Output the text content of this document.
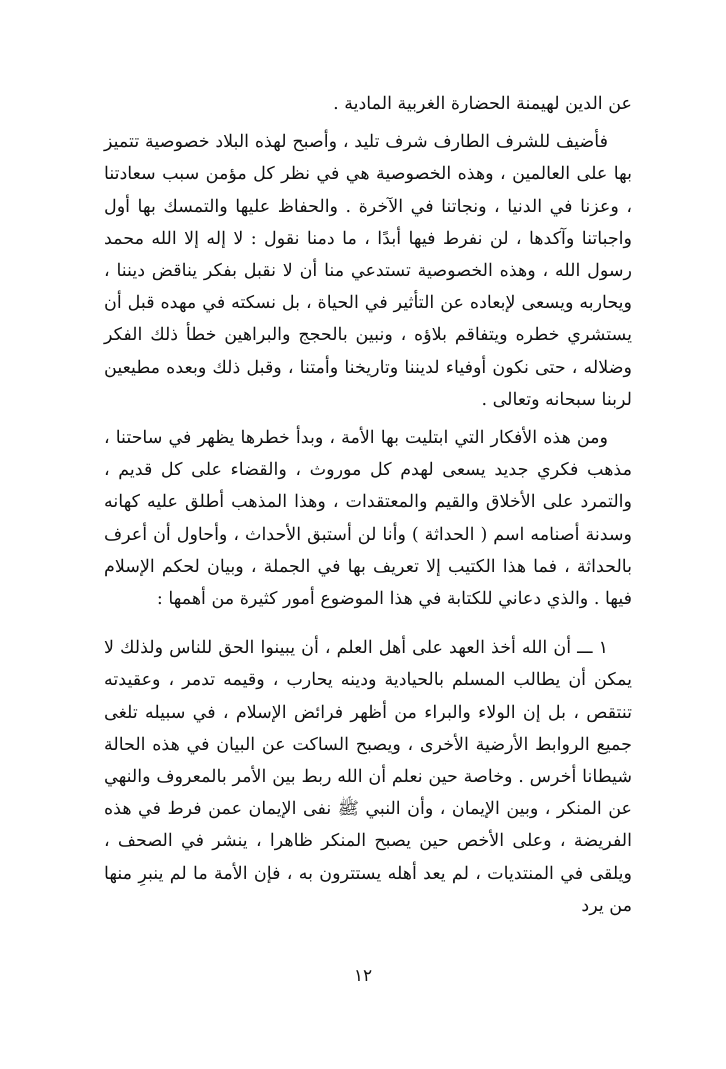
عن الدين لهيمنة الحضارة الغربية المادية .

فأضيف للشرف الطارف شرف تليد ، وأصبح لهذه البلاد خصوصية تتميز بها على العالمين ، وهذه الخصوصية هي في نظر كل مؤمن سبب سعادتنا ، وعزنا في الدنيا ، ونجاتنا في الآخرة . والحفاظ عليها والتمسك بها أول واجباتنا وآكدها ، لن نفرط فيها أبدًا ، ما دمنا نقول : لا إله إلا الله محمد رسول الله ، وهذه الخصوصية تستدعي منا أن لا نقبل بفكر يناقض ديننا ، ويحاربه ويسعى لإبعاده عن التأثير في الحياة ، بل نسكته في مهده قبل أن يستشري خطره ويتفاقم بلاؤه ، ونبين بالحجج والبراهين خطأ ذلك الفكر وضلاله ، حتى نكون أوفياء لديننا وتاريخنا وأمتنا ، وقبل ذلك وبعده مطيعين لربنا سبحانه وتعالى .

ومن هذه الأفكار التي ابتليت بها الأمة ، وبدأ خطرها يظهر في ساحتنا ، مذهب فكري جديد يسعى لهدم كل موروث ، والقضاء على كل قديم ، والتمرد على الأخلاق والقيم والمعتقدات ، وهذا المذهب أطلق عليه كهانه وسدنة أصنامه اسم ( الحداثة ) وأنا لن أستبق الأحداث ، وأحاول أن أعرف بالحداثة ، فما هذا الكتيب إلا تعريف بها في الجملة ، وبيان لحكم الإسلام فيها . والذي دعاني للكتابة في هذا الموضوع أمور كثيرة من أهمها :

١ ـــ أن الله أخذ العهد على أهل العلم ، أن يبينوا الحق للناس ولذلك لا يمكن أن يطالب المسلم بالحيادية ودينه يحارب ، وقيمه تدمر ، وعقيدته تنتقص ، بل إن الولاء والبراء من أظهر فرائض الإسلام ، في سبيله تلغى جميع الروابط الأرضية الأخرى ، ويصبح الساكت عن البيان في هذه الحالة شيطانا أخرس . وخاصة حين نعلم أن الله ربط بين الأمر بالمعروف والنهي عن المنكر ، وبين الإيمان ، وأن النبي ﷺ نفى الإيمان عمن فرط في هذه الفريضة ، وعلى الأخص حين يصبح المنكر ظاهرا ، ينشر في الصحف ، ويلقى في المنتديات ، لم يعد أهله يستترون به ، فإن الأمة ما لم ينبرِ منها من يرد

١٢
